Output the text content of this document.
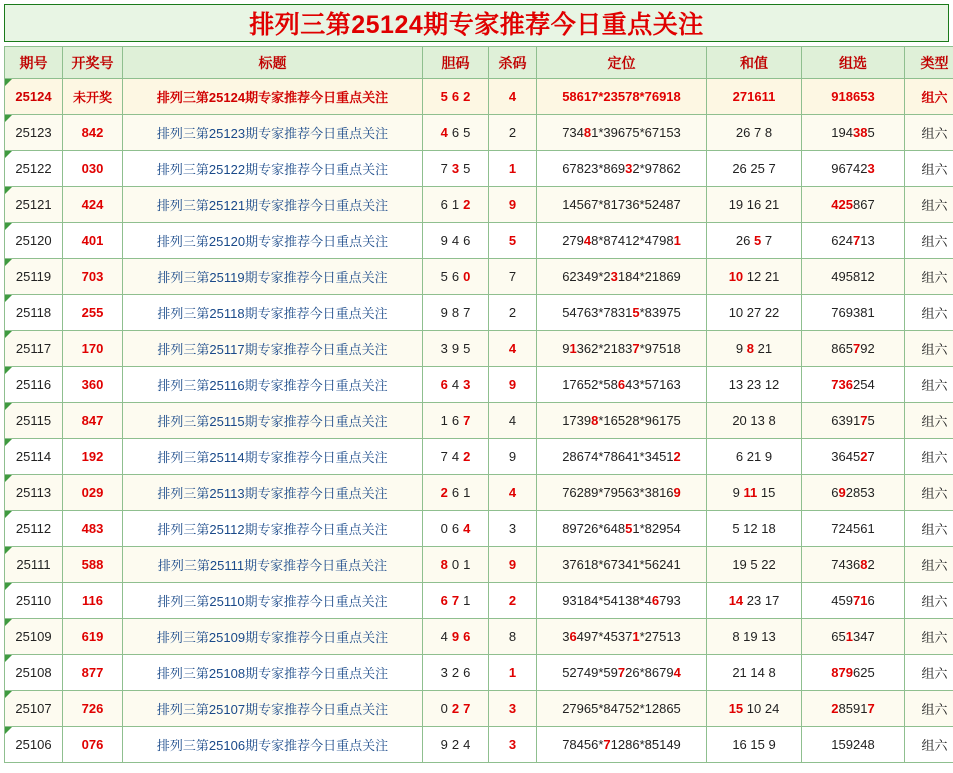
排列三第25124期专家推荐今日重点关注
期号	开奖号	标题	胆码	杀码	定位	和值	组选	类型
25124	未开奖	排列三第25124期专家推荐今日重点关注	5 6 2	4	58617*23578*76918	271611	918653	组六
25123	842	排列三第25123期专家推荐今日重点关注	4 6 5	2	73481*39675*67153	26 7 8	194385	组六
25122	030	排列三第25122期专家推荐今日重点关注	7 3 5	1	67823*86932*97862	26 25 7	967423	组六
25121	424	排列三第25121期专家推荐今日重点关注	6 1 2	9	14567*81736*52487	19 16 21	425867	组六
25120	401	排列三第25120期专家推荐今日重点关注	9 4 6	5	27948*87412*47981	26 5 7	624713	组六
25119	703	排列三第25119期专家推荐今日重点关注	5 6 0	7	62349*23184*21869	10 12 21	495812	组六
25118	255	排列三第25118期专家推荐今日重点关注	9 8 7	2	54763*78315*83975	10 27 22	769381	组六
25117	170	排列三第25117期专家推荐今日重点关注	3 9 5	4	91362*21837*97518	9 8 21	865792	组六
25116	360	排列三第25116期专家推荐今日重点关注	6 4 3	9	17652*58643*57163	13 23 12	736254	组六
25115	847	排列三第25115期专家推荐今日重点关注	1 6 7	4	17398*16528*96175	20 13 8	639175	组六
25114	192	排列三第25114期专家推荐今日重点关注	7 4 2	9	28674*78641*34512	6 21 9	364527	组六
25113	029	排列三第25113期专家推荐今日重点关注	2 6 1	4	76289*79563*38169	9 11 15	692853	组六
25112	483	排列三第25112期专家推荐今日重点关注	0 6 4	3	89726*64851*82954	5 12 18	724561	组六
25111	588	排列三第25111期专家推荐今日重点关注	8 0 1	9	37618*67341*56241	19 5 22	743682	组六
25110	116	排列三第25110期专家推荐今日重点关注	6 7 1	2	93184*54138*46793	14 23 17	459716	组六
25109	619	排列三第25109期专家推荐今日重点关注	4 9 6	8	36497*45371*27513	8 19 13	651347	组六
25108	877	排列三第25108期专家推荐今日重点关注	3 2 6	1	52749*59726*86794	21 14 8	879625	组六
25107	726	排列三第25107期专家推荐今日重点关注	0 2 7	3	27965*84752*12865	15 10 24	285917	组六
25106	076	排列三第25106期专家推荐今日重点关注	9 2 4	3	78456*71286*85149	16 15 9	159248	组六
